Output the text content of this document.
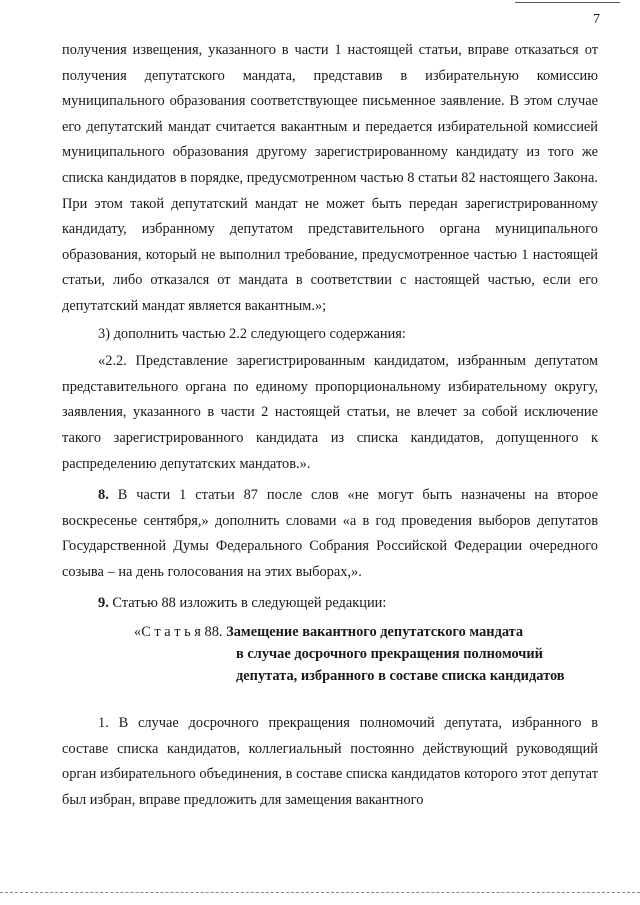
7

получения извещения, указанного в части 1 настоящей статьи, вправе отказаться от получения депутатского мандата, представив в избирательную комиссию муниципального образования соответствующее письменное заявление. В этом случае его депутатский мандат считается вакантным и передается избирательной комиссией муниципального образования другому зарегистрированному кандидату из того же списка кандидатов в порядке, предусмотренном частью 8 статьи 82 настоящего Закона. При этом такой депутатский мандат не может быть передан зарегистрированному кандидату, избранному депутатом представительного органа муниципального образования, который не выполнил требование, предусмотренное частью 1 настоящей статьи, либо отказался от мандата в соответствии с настоящей частью, если его депутатский мандат является вакантным.»;

3) дополнить частью 2.2 следующего содержания:

«2.2. Представление зарегистрированным кандидатом, избранным депутатом представительного органа по единому пропорциональному избирательному округу, заявления, указанного в части 2 настоящей статьи, не влечет за собой исключение такого зарегистрированного кандидата из списка кандидатов, допущенного к распределению депутатских мандатов.».

8. В части 1 статьи 87 после слов «не могут быть назначены на второе воскресенье сентября,» дополнить словами «а в год проведения выборов депутатов Государственной Думы Федерального Собрания Российской Федерации очередного созыва – на день голосования на этих выборах,».

9. Статью 88 изложить в следующей редакции:

«С т а т ь я 88. Замещение вакантного депутатского мандата
в случае досрочного прекращения полномочий
депутата, избранного в составе списка кандидатов

1. В случае досрочного прекращения полномочий депутата, избранного в составе списка кандидатов, коллегиальный постоянно действующий руководящий орган избирательного объединения, в составе списка кандидатов которого этот депутат был избран, вправе предложить для замещения вакантного
